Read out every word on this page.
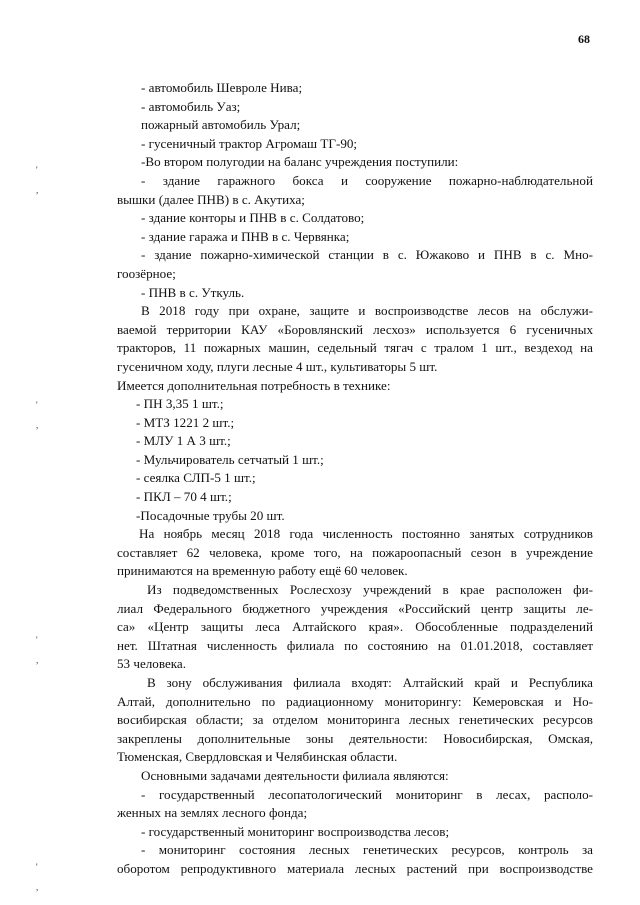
68
- автомобиль Шевроле Нива;
- автомобиль Уаз;
пожарный автомобиль Урал;
- гусеничный трактор Агромаш ТГ-90;
-Во втором полугодии на баланс учреждения поступили:
- здание гаражного бокса и сооружение пожарно-наблюдательной
вышки (далее ПНВ) в с. Акутиха;
- здание конторы и ПНВ в с. Солдатово;
- здание гаража и ПНВ в с. Червянка;
- здание пожарно-химической станции в с. Южаково и ПНВ в с. Мно-
гоозёрное;
- ПНВ в с. Уткуль.
В 2018 году при охране, защите и воспроизводстве лесов на обслужи-
ваемой территории КАУ «Боровлянский лесхоз» используется 6 гусеничных
тракторов, 11 пожарных машин, седельный тягач с тралом 1 шт., вездеход на
гусеничном ходу, плуги лесные 4 шт., культиваторы 5 шт.
Имеется дополнительная потребность в технике:
- ПН 3,35 1 шт.;
- МТЗ 1221 2 шт.;
- МЛУ 1 А 3 шт.;
- Мульчирователь сетчатый 1 шт.;
- сеялка СЛП-5 1 шт.;
- ПКЛ – 70 4 шт.;
-Посадочные трубы 20 шт.
На ноябрь месяц 2018 года численность постоянно занятых сотрудников
составляет 62 человека, кроме того, на пожароопасный сезон в учреждение
принимаются на временную работу ещё 60 человек.
Из подведомственных Рослесхозу учреждений в крае расположен фи-
лиал Федерального бюджетного учреждения «Российский центр защиты ле-
са» «Центр защиты леса Алтайского края». Обособленные подразделений
нет. Штатная численность филиала по состоянию на 01.01.2018, составляет
53 человека.
В зону обслуживания филиала входят: Алтайский край и Республика
Алтай, дополнительно по радиационному мониторингу: Кемеровская и Но-
восибирская области; за отделом мониторинга лесных генетических ресурсов
закреплены дополнительные зоны деятельности: Новосибирская, Омская,
Тюменская, Свердловская и Челябинская области.
Основными задачами деятельности филиала являются:
- государственный лесопатологический мониторинг в лесах, располо-
женных на землях лесного фонда;
- государственный мониторинг воспроизводства лесов;
- мониторинг состояния лесных генетических ресурсов, контроль за
оборотом репродуктивного материала лесных растений при воспроизводстве
'
,
'
,
'
,
'
,
